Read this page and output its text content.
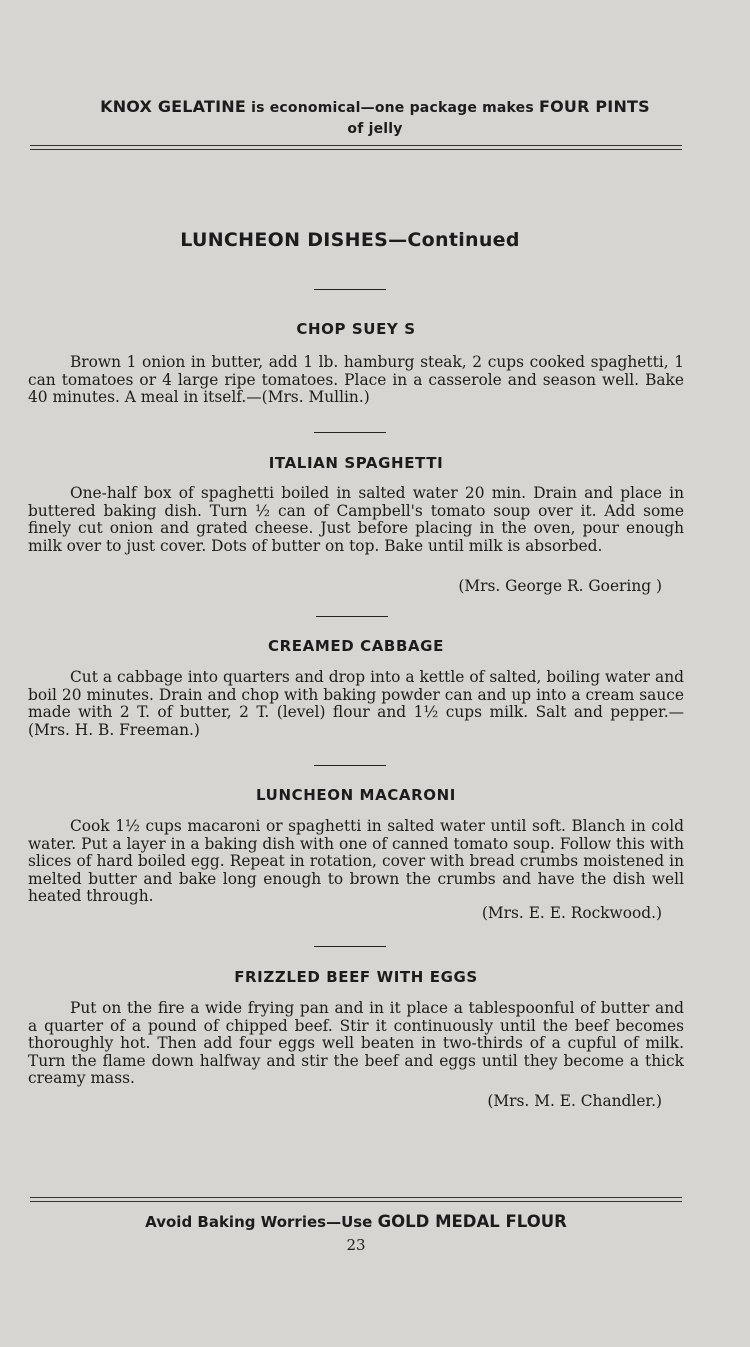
KNOX GELATINE is economical—one package makes FOUR PINTS
of jelly
LUNCHEON DISHES—Continued
CHOP SUEY S
Brown 1 onion in butter, add 1 lb. hamburg steak, 2 cups cooked spaghetti, 1 can tomatoes or 4 large ripe tomatoes. Place in a casserole and season well. Bake 40 minutes. A meal in itself.—(Mrs. Mullin.)
ITALIAN SPAGHETTI
One-half box of spaghetti boiled in salted water 20 min. Drain and place in buttered baking dish. Turn ½ can of Campbell's tomato soup over it. Add some finely cut onion and grated cheese. Just before placing in the oven, pour enough milk over to just cover. Dots of butter on top. Bake until milk is absorbed.
(Mrs. George R. Goering )
CREAMED CABBAGE
Cut a cabbage into quarters and drop into a kettle of salted, boiling water and boil 20 minutes. Drain and chop with baking powder can and up into a cream sauce made with 2 T. of butter, 2 T. (level) flour and 1½ cups milk. Salt and pepper.—(Mrs. H. B. Freeman.)
LUNCHEON MACARONI
Cook 1½ cups macaroni or spaghetti in salted water until soft. Blanch in cold water. Put a layer in a baking dish with one of canned tomato soup. Follow this with slices of hard boiled egg. Repeat in rotation, cover with bread crumbs moistened in melted butter and bake long enough to brown the crumbs and have the dish well heated through.
(Mrs. E. E. Rockwood.)
FRIZZLED BEEF WITH EGGS
Put on the fire a wide frying pan and in it place a tablespoonful of butter and a quarter of a pound of chipped beef. Stir it continuously until the beef becomes thoroughly hot. Then add four eggs well beaten in two-thirds of a cupful of milk. Turn the flame down halfway and stir the beef and eggs until they become a thick creamy mass.
(Mrs. M. E. Chandler.)
Avoid Baking Worries—Use GOLD MEDAL FLOUR
23
